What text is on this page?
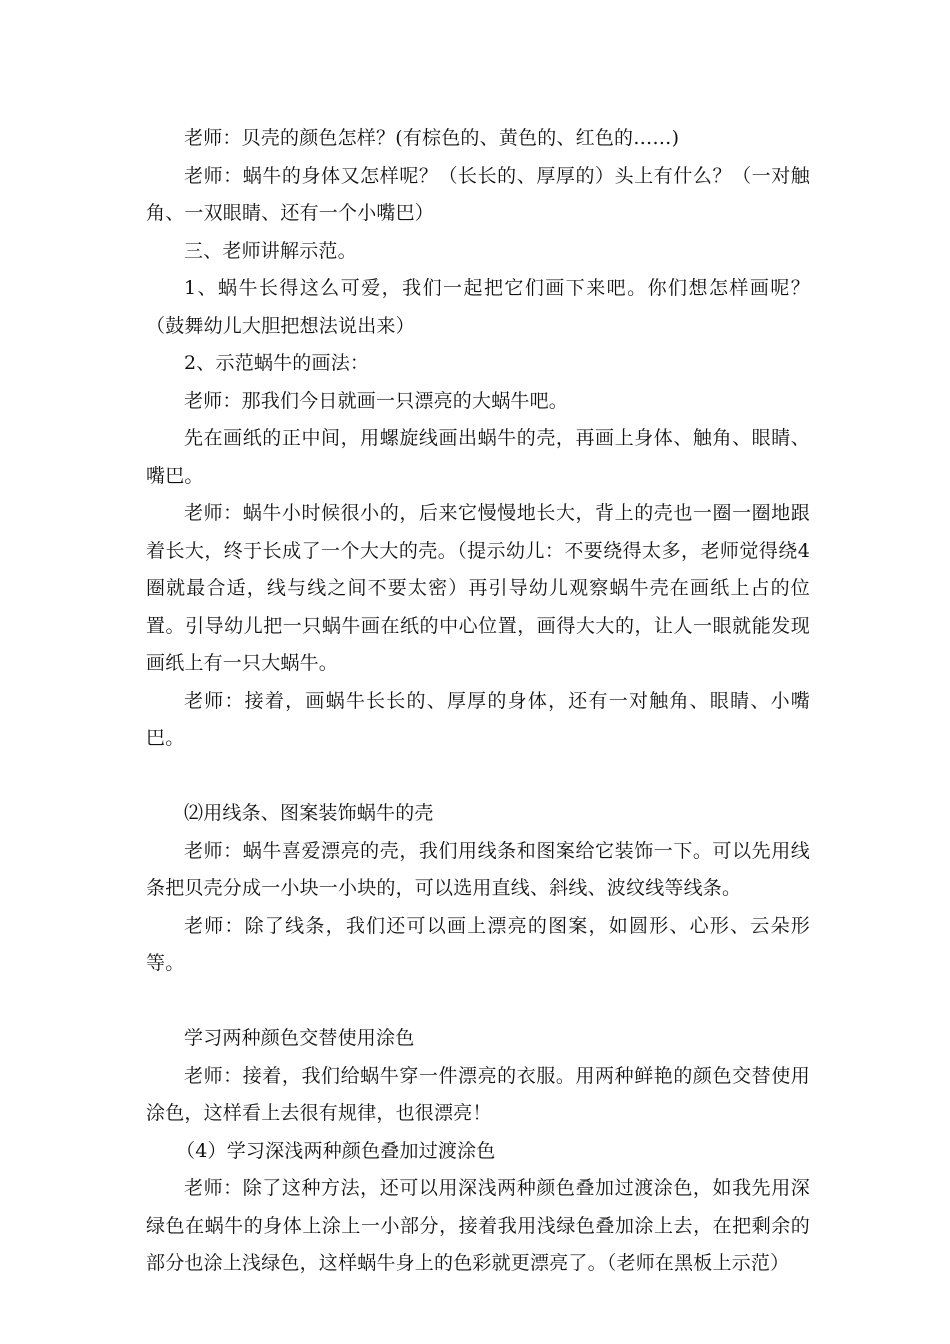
老师：贝壳的颜色怎样？(有棕色的、黄色的、红色的……)

老师：蜗牛的身体又怎样呢？（长长的、厚厚的）头上有什么？（一对触角、一双眼睛、还有一个小嘴巴）

三、老师讲解示范。

1、蜗牛长得这么可爱，我们一起把它们画下来吧。你们想怎样画呢？（鼓舞幼儿大胆把想法说出来）

2、示范蜗牛的画法：

老师：那我们今日就画一只漂亮的大蜗牛吧。

先在画纸的正中间，用螺旋线画出蜗牛的壳，再画上身体、触角、眼睛、嘴巴。

老师：蜗牛小时候很小的，后来它慢慢地长大，背上的壳也一圈一圈地跟着长大，终于长成了一个大大的壳。（提示幼儿：不要绕得太多，老师觉得绕4圈就最合适，线与线之间不要太密）再引导幼儿观察蜗牛壳在画纸上占的位置。引导幼儿把一只蜗牛画在纸的中心位置，画得大大的，让人一眼就能发现画纸上有一只大蜗牛。

老师：接着，画蜗牛长长的、厚厚的身体，还有一对触角、眼睛、小嘴巴。

⑵用线条、图案装饰蜗牛的壳

老师：蜗牛喜爱漂亮的壳，我们用线条和图案给它装饰一下。可以先用线条把贝壳分成一小块一小块的，可以选用直线、斜线、波纹线等线条。

老师：除了线条，我们还可以画上漂亮的图案，如圆形、心形、云朵形等。

学习两种颜色交替使用涂色

老师：接着，我们给蜗牛穿一件漂亮的衣服。用两种鲜艳的颜色交替使用涂色，这样看上去很有规律，也很漂亮！

（4）学习深浅两种颜色叠加过渡涂色

老师：除了这种方法，还可以用深浅两种颜色叠加过渡涂色，如我先用深绿色在蜗牛的身体上涂上一小部分，接着我用浅绿色叠加涂上去，在把剩余的部分也涂上浅绿色，这样蜗牛身上的色彩就更漂亮了。（老师在黑板上示范）
